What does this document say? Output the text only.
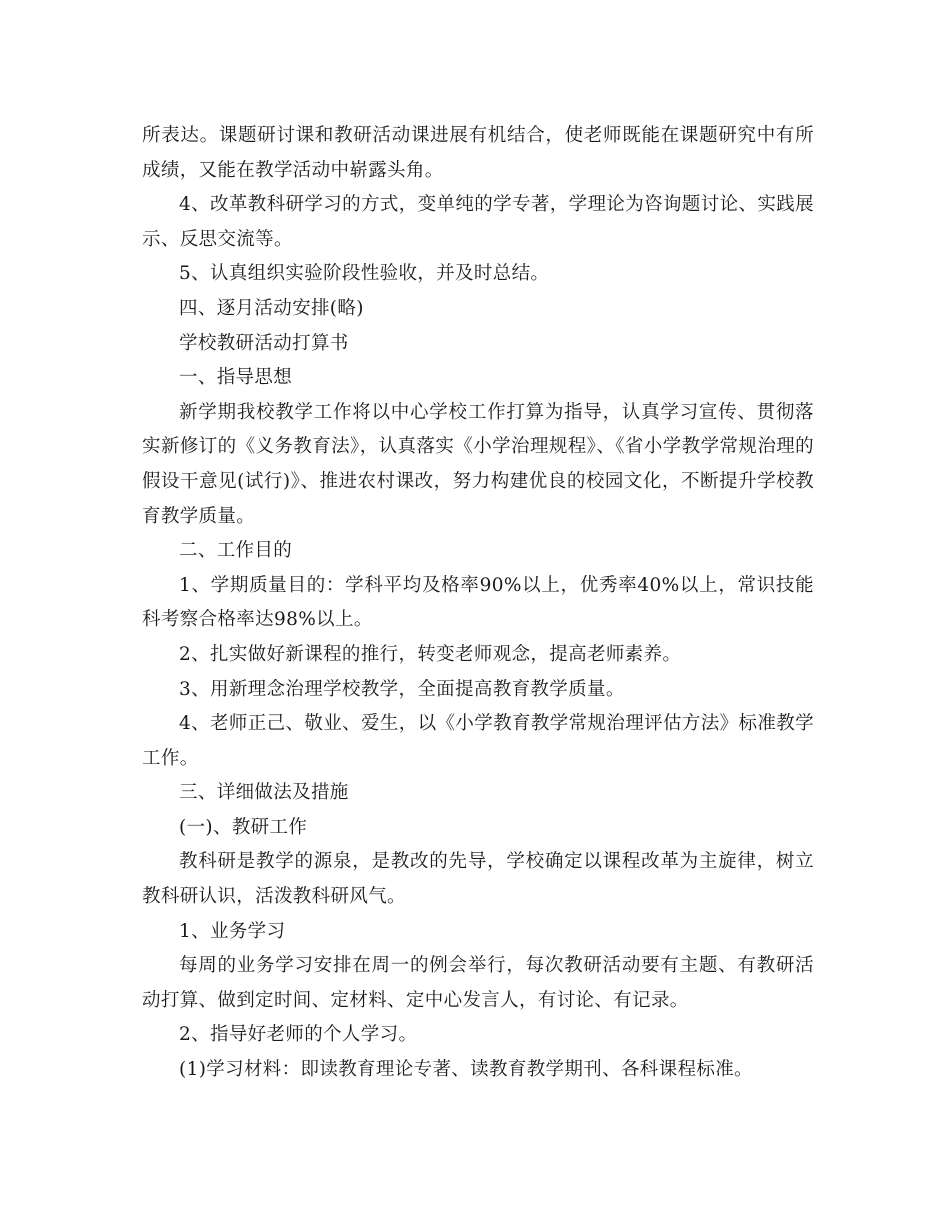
所表达。课题研讨课和教研活动课进展有机结合，使老师既能在课题研究中有所成绩，又能在教学活动中崭露头角。

4、改革教科研学习的方式，变单纯的学专著，学理论为咨询题讨论、实践展示、反思交流等。

5、认真组织实验阶段性验收，并及时总结。

四、逐月活动安排(略)

学校教研活动打算书

一、指导思想

新学期我校教学工作将以中心学校工作打算为指导，认真学习宣传、贯彻落实新修订的《义务教育法》，认真落实《小学治理规程》、《省小学教学常规治理的假设干意见(试行)》、推进农村课改，努力构建优良的校园文化，不断提升学校教育教学质量。

二、工作目的

1、学期质量目的：学科平均及格率90%以上，优秀率40%以上，常识技能科考察合格率达98%以上。

2、扎实做好新课程的推行，转变老师观念，提高老师素养。

3、用新理念治理学校教学，全面提高教育教学质量。

4、老师正己、敬业、爱生，以《小学教育教学常规治理评估方法》标准教学工作。

三、详细做法及措施

(一)、教研工作

教科研是教学的源泉，是教改的先导，学校确定以课程改革为主旋律，树立教科研认识，活泼教科研风气。

1、业务学习

每周的业务学习安排在周一的例会举行，每次教研活动要有主题、有教研活动打算、做到定时间、定材料、定中心发言人，有讨论、有记录。

2、指导好老师的个人学习。

(1)学习材料：即读教育理论专著、读教育教学期刊、各科课程标准。
